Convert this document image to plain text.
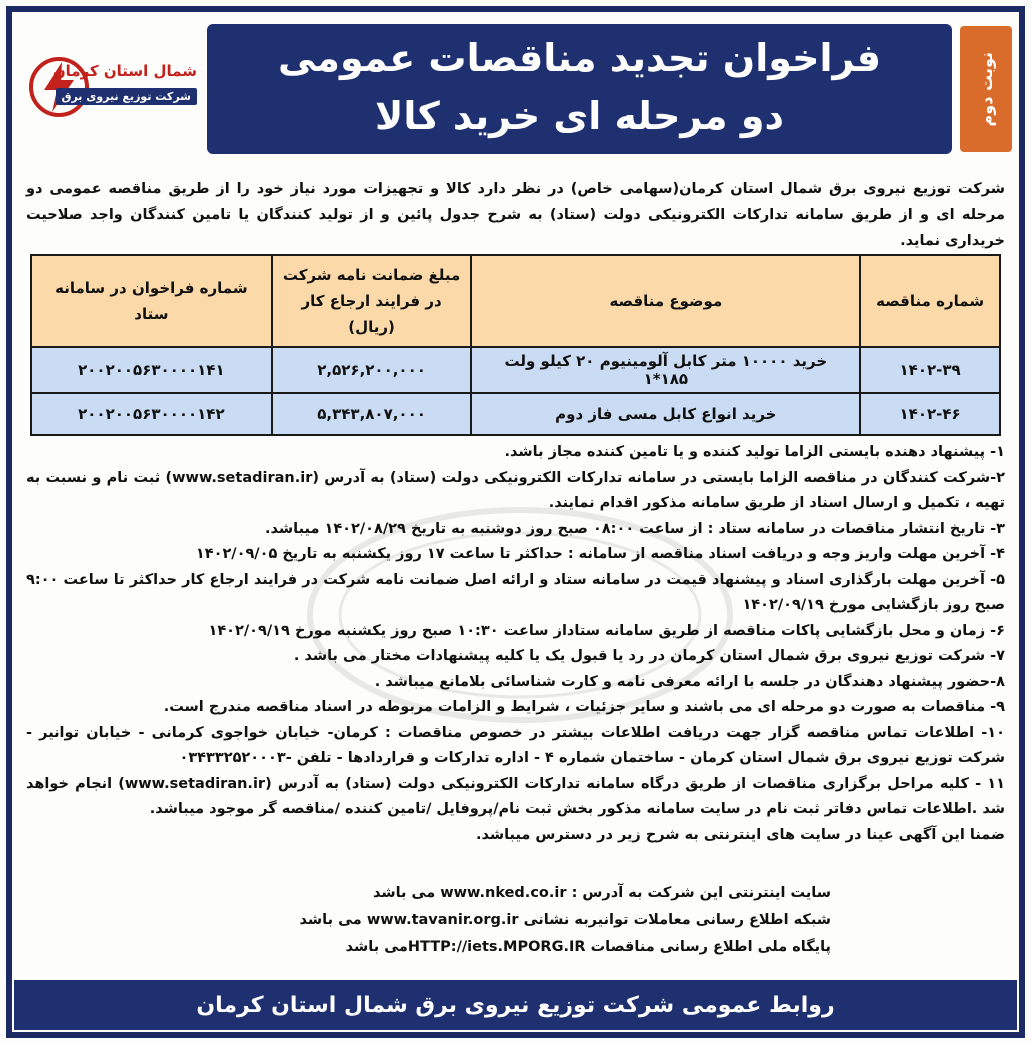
شمال استان کرمان
شرکت توزیع نیروی برق
فراخوان تجدید مناقصات عمومی
دو مرحله ای خرید کالا	نوبت دوم

شرکت توزیع نیروی برق شمال استان کرمان(سهامی خاص) در نظر دارد کالا و تجهیزات مورد نیاز خود را از طریق مناقصه عمومی دو مرحله ای و از طریق سامانه تدارکات الکترونیکی دولت (ستاد) به شرح جدول پائین و از تولید کنندگان یا تامین کنندگان واجد صلاحیت خریداری نماید.

شماره مناقصه	موضوع مناقصه	مبلغ ضمانت نامه شرکت در فرایند ارجاع کار (ریال)	شماره فراخوان در سامانه ستاد
۱۴۰۲-۳۹	خرید ۱۰۰۰۰ متر کابل آلومینیوم ۲۰ کیلو ولت ۱۸۵*۱	۲,۵۲۶,۲۰۰,۰۰۰	۲۰۰۲۰۰۵۶۳۰۰۰۰۱۴۱
۱۴۰۲-۴۶	خرید انواع کابل مسی فاز دوم	۵,۳۴۳,۸۰۷,۰۰۰	۲۰۰۲۰۰۵۶۳۰۰۰۰۱۴۲

۱- پیشنهاد دهنده بایستی الزاما تولید کننده و یا تامین کننده مجاز باشد.

۲-شرکت کنندگان در مناقصه الزاما بایستی در سامانه تدارکات الکترونیکی دولت (ستاد) به آدرس (www.setadiran.ir) ثبت نام و نسبت به تهیه ، تکمیل و ارسال اسناد از طریق سامانه مذکور اقدام نمایند.

۳- تاریخ انتشار مناقصات در سامانه ستاد : از ساعت ۰۸:۰۰ صبح روز دوشنبه به تاریخ ۱۴۰۲/۰۸/۲۹ میباشد.

۴- آخرین مهلت واریز وجه و دریافت اسناد مناقصه از سامانه : حداکثر تا ساعت ۱۷ روز یکشنبه به تاریخ ۱۴۰۲/۰۹/۰۵

۵- آخرین مهلت بارگذاری اسناد و پیشنهاد قیمت در سامانه ستاد و ارائه اصل ضمانت نامه شرکت در فرایند ارجاع کار حداکثر تا ساعت ۹:۰۰ صبح روز بازگشایی مورخ ۱۴۰۲/۰۹/۱۹

۶- زمان و محل بازگشایی پاکات مناقصه از طریق سامانه ستاداز ساعت ۱۰:۳۰ صبح روز یکشنبه مورخ ۱۴۰۲/۰۹/۱۹

۷- شرکت توزیع نیروی برق شمال استان کرمان در رد یا قبول یک یا کلیه پیشنهادات مختار می باشد .

۸-حضور پیشنهاد دهندگان در جلسه با ارائه معرفی نامه و کارت شناسائی بلامانع میباشد .

۹- مناقصات به صورت دو مرحله ای می باشند و سایر جزئیات ، شرایط و الزامات مربوطه در اسناد مناقصه مندرج است.

۱۰- اطلاعات تماس مناقصه گزار جهت دریافت اطلاعات بیشتر در خصوص مناقصات : کرمان- خیابان خواجوی کرمانی - خیابان توانیر - شرکت توزیع نیروی برق شمال استان کرمان - ساختمان شماره ۴ - اداره تدارکات و قراردادها - تلفن -۰۳۴۳۳۲۵۲۰۰۰۳

۱۱ - کلیه مراحل برگزاری مناقصات از طریق درگاه سامانه تدارکات الکترونیکی دولت (ستاد) به آدرس (www.setadiran.ir) انجام خواهد شد .اطلاعات تماس دفاتر ثبت نام در سایت سامانه مذکور بخش ثبت نام/پروفایل /تامین کننده /مناقصه گر موجود میباشد.

ضمنا این آگهی عینا در سایت های اینترنتی به شرح زیر در دسترس میباشد.

سایت اینترنتی این شرکت به آدرس : www.nked.co.ir می باشد

شبکه اطلاع رسانی معاملات توانیربه نشانی www.tavanir.org.ir می باشد

پایگاه ملی اطلاع رسانی مناقصات HTTP://iets.MPORG.IRمی باشد

روابط عمومی شرکت توزیع نیروی برق شمال استان کرمان
